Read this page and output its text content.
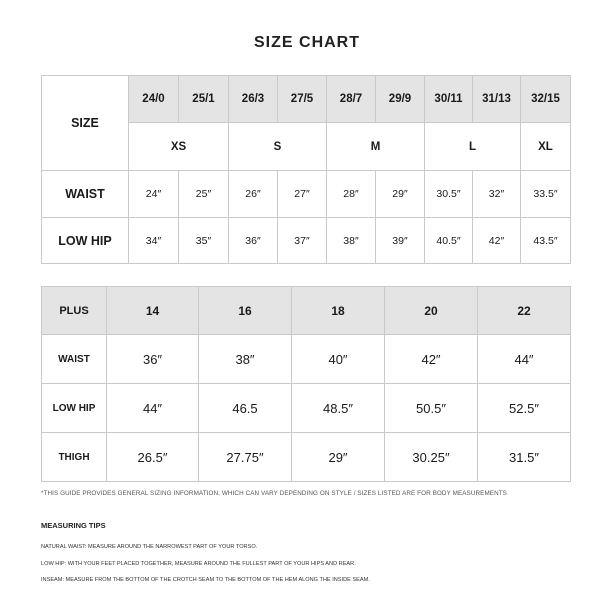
SIZE CHART
SIZE	24/0	25/1	26/3	27/5	28/7	29/9	30/11	31/13	32/15
	XS		S		M		L		XL
WAIST	24″	25″	26″	27″	28″	29″	30.5″	32″	33.5″
LOW HIP	34″	35″	36″	37″	38″	39″	40.5″	42″	43.5″
PLUS	14	16	18	20	22
WAIST	36″	38″	40″	42″	44″
LOW HIP	44″	46.5	48.5″	50.5″	52.5″
THIGH	26.5″	27.75″	29″	30.25″	31.5″
*THIS GUIDE PROVIDES GENERAL SIZING INFORMATION, WHICH CAN VARY DEPENDING ON STYLE / SIZES LISTED ARE FOR BODY MEASUREMENTS
MEASURING TIPS
NATURAL WAIST: MEASURE AROUND THE NARROWEST PART OF YOUR TORSO.
LOW HIP: WITH YOUR FEET PLACED TOGETHER, MEASURE AROUND THE FULLEST PART OF YOUR HIPS AND REAR.
INSEAM: MEASURE FROM THE BOTTOM OF THE CROTCH SEAM TO THE BOTTOM OF THE HEM ALONG THE INSIDE SEAM.
